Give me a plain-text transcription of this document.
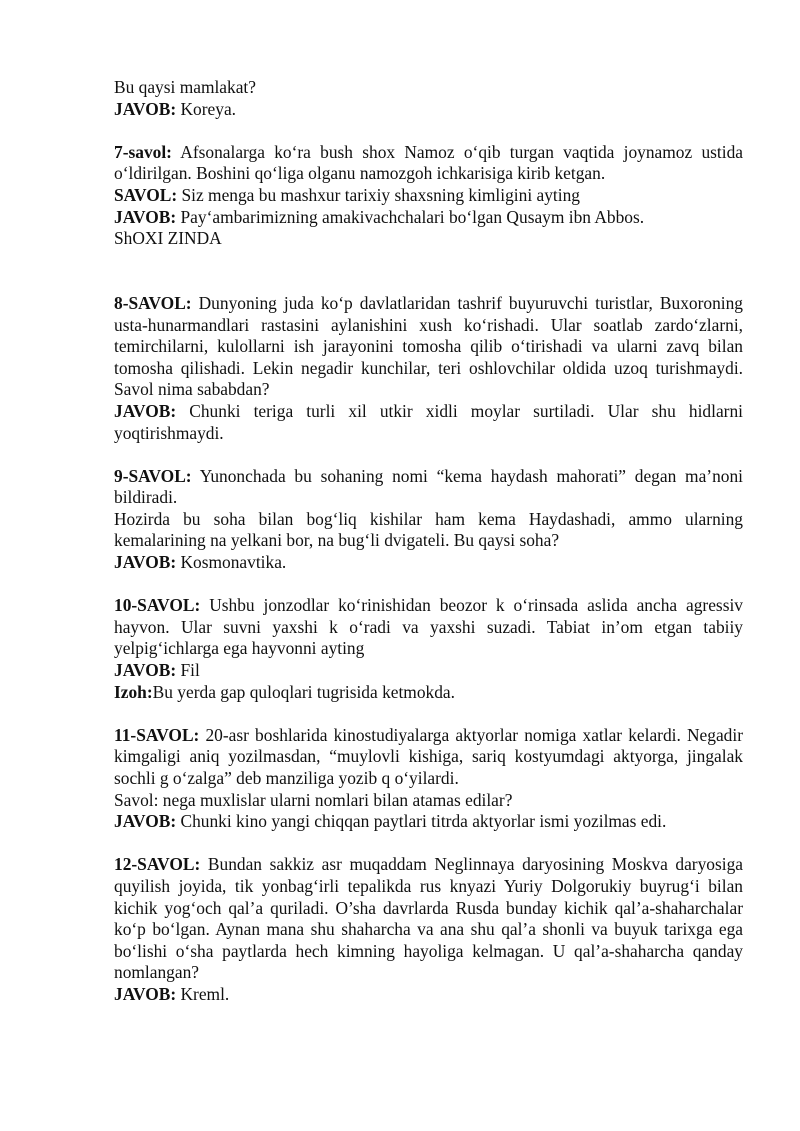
Bu qaysi mamlakat?

JAVOB: Koreya.

7-savol: Afsonalarga ko‘ra bush shox Namoz o‘qib turgan vaqtida joynamoz ustida o‘ldirilgan. Boshini qo‘liga olganu namozgoh ichkarisiga kirib ketgan.

SAVOL: Siz menga bu mashxur tarixiy shaxsning kimligini ayting

JAVOB: Pay‘ambarimizning amakivachchalari bo‘lgan Qusaym ibn Abbos.

ShOXI ZINDA

8-SAVOL: Dunyoning juda ko‘p davlatlaridan tashrif buyuruvchi turistlar, Buxoroning usta-hunarmandlari rastasini aylanishini xush ko‘rishadi. Ular soatlab zardo‘zlarni, temirchilarni, kulollarni ish jarayonini tomosha qilib o‘tirishadi va ularni zavq bilan tomosha qilishadi. Lekin negadir kunchilar, teri oshlovchilar oldida uzoq turishmaydi. Savol nima sababdan?

JAVOB: Chunki teriga turli xil utkir xidli moylar surtiladi. Ular shu hidlarni yoqtirishmaydi.

9-SAVOL: Yunonchada bu sohaning nomi “kema haydash mahorati” degan ma’noni bildiradi.

Hozirda bu soha bilan bog‘liq kishilar ham kema Haydashadi, ammo ularning kemalarining na yelkani bor, na bug‘li dvigateli. Bu qaysi soha?

JAVOB: Kosmonavtika.

10-SAVOL: Ushbu jonzodlar ko‘rinishidan beozor k o‘rinsada aslida ancha agressiv hayvon. Ular suvni yaxshi k o‘radi va yaxshi suzadi. Tabiat in’om etgan tabiiy yelpig‘ichlarga ega hayvonni ayting

JAVOB: Fil

Izoh:Bu yerda gap quloqlari tugrisida ketmokda.

11-SAVOL: 20-asr boshlarida kinostudiyalarga aktyorlar nomiga xatlar kelardi. Negadir kimgaligi aniq yozilmasdan, “muylovli kishiga, sariq kostyumdagi aktyorga, jingalak sochli g o‘zalga” deb manziliga yozib q o‘yilardi.

Savol: nega muxlislar ularni nomlari bilan atamas edilar?

JAVOB: Chunki kino yangi chiqqan paytlari titrda aktyorlar ismi yozilmas edi.

12-SAVOL: Bundan sakkiz asr muqaddam Neglinnaya daryosining Moskva daryosiga quyilish joyida, tik yonbag‘irli tepalikda rus knyazi Yuriy Dolgorukiy buyrug‘i bilan kichik yog‘och qal’a quriladi. O’sha davrlarda Rusda bunday kichik qal’a-shaharchalar ko‘p bo‘lgan. Aynan mana shu shaharcha va ana shu qal’a shonli va buyuk tarixga ega bo‘lishi o‘sha paytlarda hech kimning hayoliga kelmagan. U qal’a-shaharcha qanday nomlangan?

JAVOB: Kreml.
